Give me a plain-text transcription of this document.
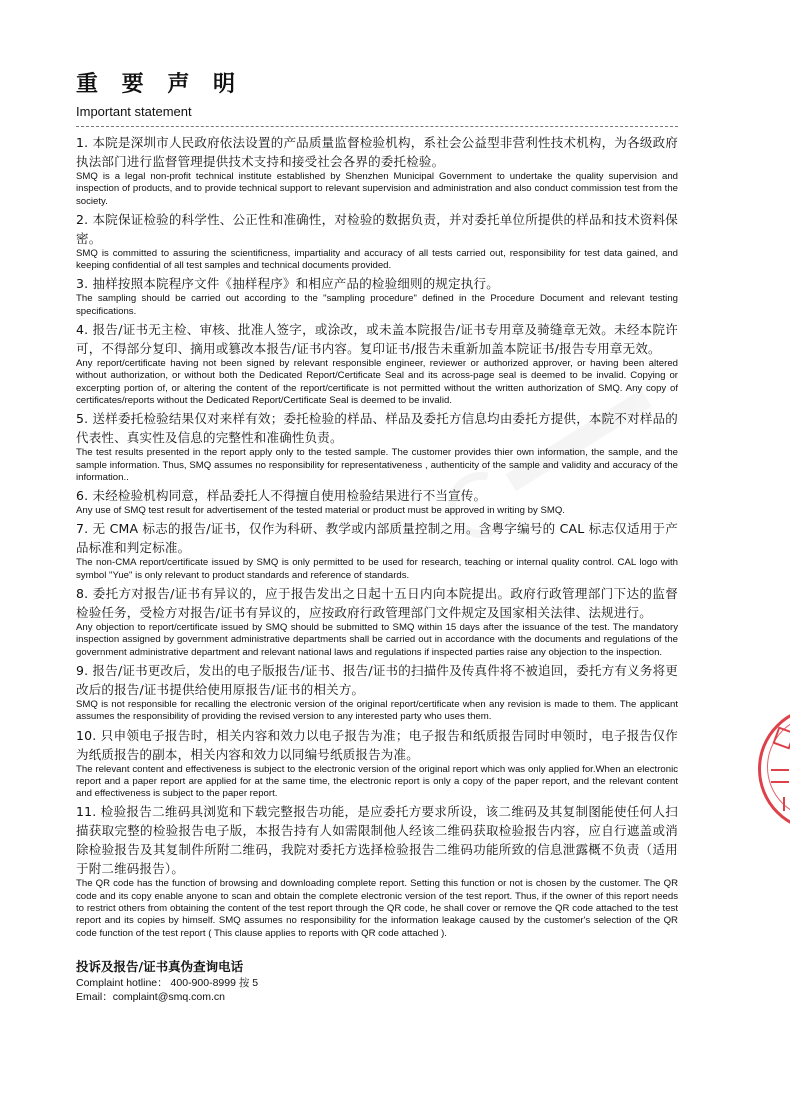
重 要 声 明
Important statement

1. 本院是深圳市人民政府依法设置的产品质量监督检验机构，系社会公益型非营利性技术机构，为各级政府执法部门进行监督管理提供技术支持和接受社会各界的委托检验。

SMQ is a legal non-profit technical institute established by Shenzhen Municipal Government to undertake the quality supervision and inspection of products, and to provide technical support to relevant supervision and administration and also conduct commission test from the society.

2. 本院保证检验的科学性、公正性和准确性，对检验的数据负责，并对委托单位所提供的样品和技术资料保密。

SMQ is committed to assuring the scientificness, impartiality and accuracy of all tests carried out, responsibility for test data gained, and keeping confidential of all test samples and technical documents provided.

3. 抽样按照本院程序文件《抽样程序》和相应产品的检验细则的规定执行。

The sampling should be carried out according to the "sampling procedure" defined in the Procedure Document and relevant testing specifications.

4. 报告/证书无主检、审核、批准人签字，或涂改，或未盖本院报告/证书专用章及骑缝章无效。未经本院许可，不得部分复印、摘用或篡改本报告/证书内容。复印证书/报告未重新加盖本院证书/报告专用章无效。

Any report/certificate having not been signed by relevant responsible engineer, reviewer or authorized approver, or having been altered without authorization, or without both the Dedicated Report/Certificate Seal and its across-page seal is deemed to be invalid. Copying or excerpting portion of, or altering the content of the report/certificate is not permitted without the written authorization of SMQ. Any copy of certificates/reports without the Dedicated Report/Certificate Seal is deemed to be invalid.

5. 送样委托检验结果仅对来样有效；委托检验的样品、样品及委托方信息均由委托方提供，本院不对样品的代表性、真实性及信息的完整性和准确性负责。

The test results presented in the report apply only to the tested sample. The customer provides thier own information, the sample, and the sample information. Thus, SMQ assumes no responsibility for representativeness , authenticity of the sample and validity and accuracy of the information..

6. 未经检验机构同意，样品委托人不得擅自使用检验结果进行不当宣传。

Any use of SMQ test result for advertisement of the tested material or product must be approved in writing by SMQ.

7. 无 CMA 标志的报告/证书，仅作为科研、教学或内部质量控制之用。含粤字编号的 CAL 标志仅适用于产品标准和判定标准。

The non-CMA report/certificate issued by SMQ is only permitted to be used for research, teaching or internal quality control. CAL logo with symbol "Yue" is only relevant to product standards and reference of standards.

8. 委托方对报告/证书有异议的，应于报告发出之日起十五日内向本院提出。政府行政管理部门下达的监督检验任务，受检方对报告/证书有异议的，应按政府行政管理部门文件规定及国家相关法律、法规进行。

Any objection to report/certificate issued by SMQ should be submitted to SMQ within 15 days after the issuance of the test. The mandatory inspection assigned by government administrative departments shall be carried out in accordance with the documents and regulations of the government administrative department and relevant national laws and regulations if inspected parties raise any objection to the inspection.

9. 报告/证书更改后，发出的电子版报告/证书、报告/证书的扫描件及传真件将不被追回，委托方有义务将更改后的报告/证书提供给使用原报告/证书的相关方。

SMQ is not responsible for recalling the electronic version of the original report/certificate when any revision is made to them. The applicant assumes the responsibility of providing the revised version to any interested party who uses them.

10. 只申领电子报告时，相关内容和效力以电子报告为准；电子报告和纸质报告同时申领时，电子报告仅作为纸质报告的副本，相关内容和效力以同编号纸质报告为准。

The relevant content and effectiveness is subject to the electronic version of the original report which was only applied for.When an electronic report and a paper report are applied for at the same time, the electronic report is only a copy of the paper report, and the relevant content and effectiveness is subject to the paper report.

11. 检验报告二维码具浏览和下载完整报告功能，是应委托方要求所设，该二维码及其复制图能使任何人扫描获取完整的检验报告电子版，本报告持有人如需限制他人经该二维码获取检验报告内容，应自行遮盖或消除检验报告及其复制件所附二维码，我院对委托方选择检验报告二维码功能所致的信息泄露概不负责（适用于附二维码报告）。

The QR code has the function of browsing and downloading complete report. Setting this function or not is chosen by the customer. The QR code and its copy enable anyone to scan and obtain the complete electronic version of the test report. Thus, if the owner of this report needs to restrict others from obtaining the content of the test report through the QR code, he shall cover or remove the QR code attached to the test report and its copies by himself. SMQ assumes no responsibility for the information leakage caused by the customer's selection of the QR code function of the test report ( This clause applies to reports with QR code attached ).

投诉及报告/证书真伪查询电话

Complaint hotline： 400-900-8999 按 5

Email：complaint@smq.com.cn
